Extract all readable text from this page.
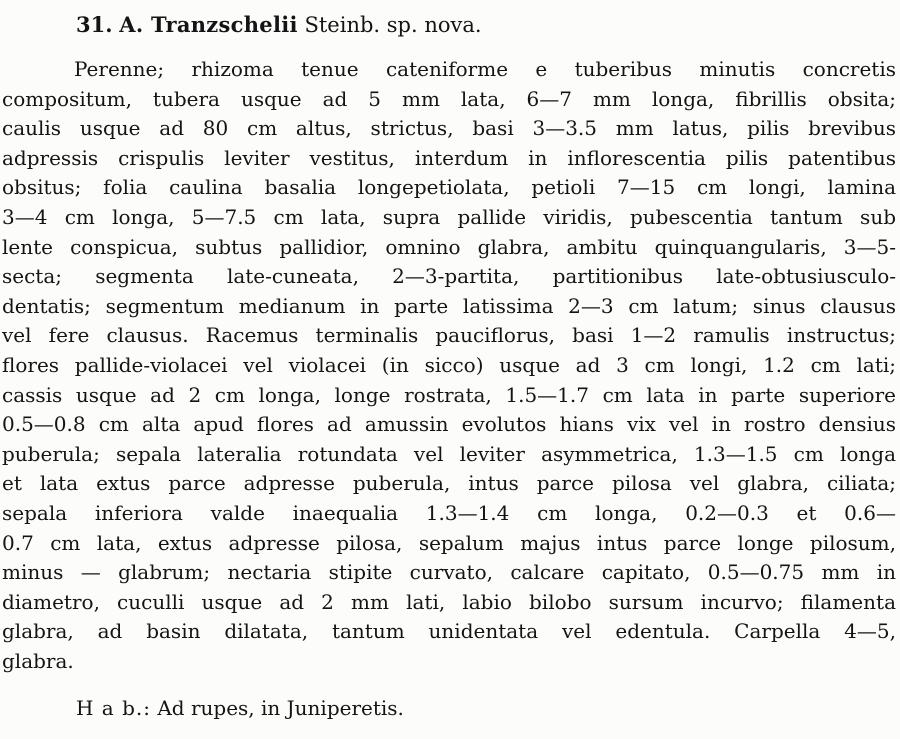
31. A. Tranzschelii Steinb. sp. nova.
Perenne; rhizoma tenue cateniforme e tuberibus minutis concretis
compositum, tubera usque ad 5 mm lata, 6—7 mm longa, fibrillis obsita;
caulis usque ad 80 cm altus, strictus, basi 3—3.5 mm latus, pilis brevibus
adpressis crispulis leviter vestitus, interdum in inflorescentia pilis patentibus
obsitus; folia caulina basalia longepetiolata, petioli 7—15 cm longi, lamina
3—4 cm longa, 5—7.5 cm lata, supra pallide viridis, pubescentia tantum sub
lente conspicua, subtus pallidior, omnino glabra, ambitu quinquangularis, 3—5-
secta; segmenta late-cuneata, 2—3-partita, partitionibus late-obtusiusculo-
dentatis; segmentum medianum in parte latissima 2—3 cm latum; sinus clausus
vel fere clausus. Racemus terminalis pauciflorus, basi 1—2 ramulis instructus;
flores pallide-violacei vel violacei (in sicco) usque ad 3 cm longi, 1.2 cm lati;
cassis usque ad 2 cm longa, longe rostrata, 1.5—1.7 cm lata in parte superiore
0.5—0.8 cm alta apud flores ad amussin evolutos hians vix vel in rostro densius
puberula; sepala lateralia rotundata vel leviter asymmetrica, 1.3—1.5 cm longa
et lata extus parce adpresse puberula, intus parce pilosa vel glabra, ciliata;
sepala inferiora valde inaequalia 1.3—1.4 cm longa, 0.2—0.3 et 0.6—
0.7 cm lata, extus adpresse pilosa, sepalum majus intus parce longe pilosum,
minus — glabrum; nectaria stipite curvato, calcare capitato, 0.5—0.75 mm in
diametro, cuculli usque ad 2 mm lati, labio bilobo sursum incurvo; filamenta
glabra, ad basin dilatata, tantum unidentata vel edentula. Carpella 4—5,
glabra.
H a b.: Ad rupes, in Juniperetis.
